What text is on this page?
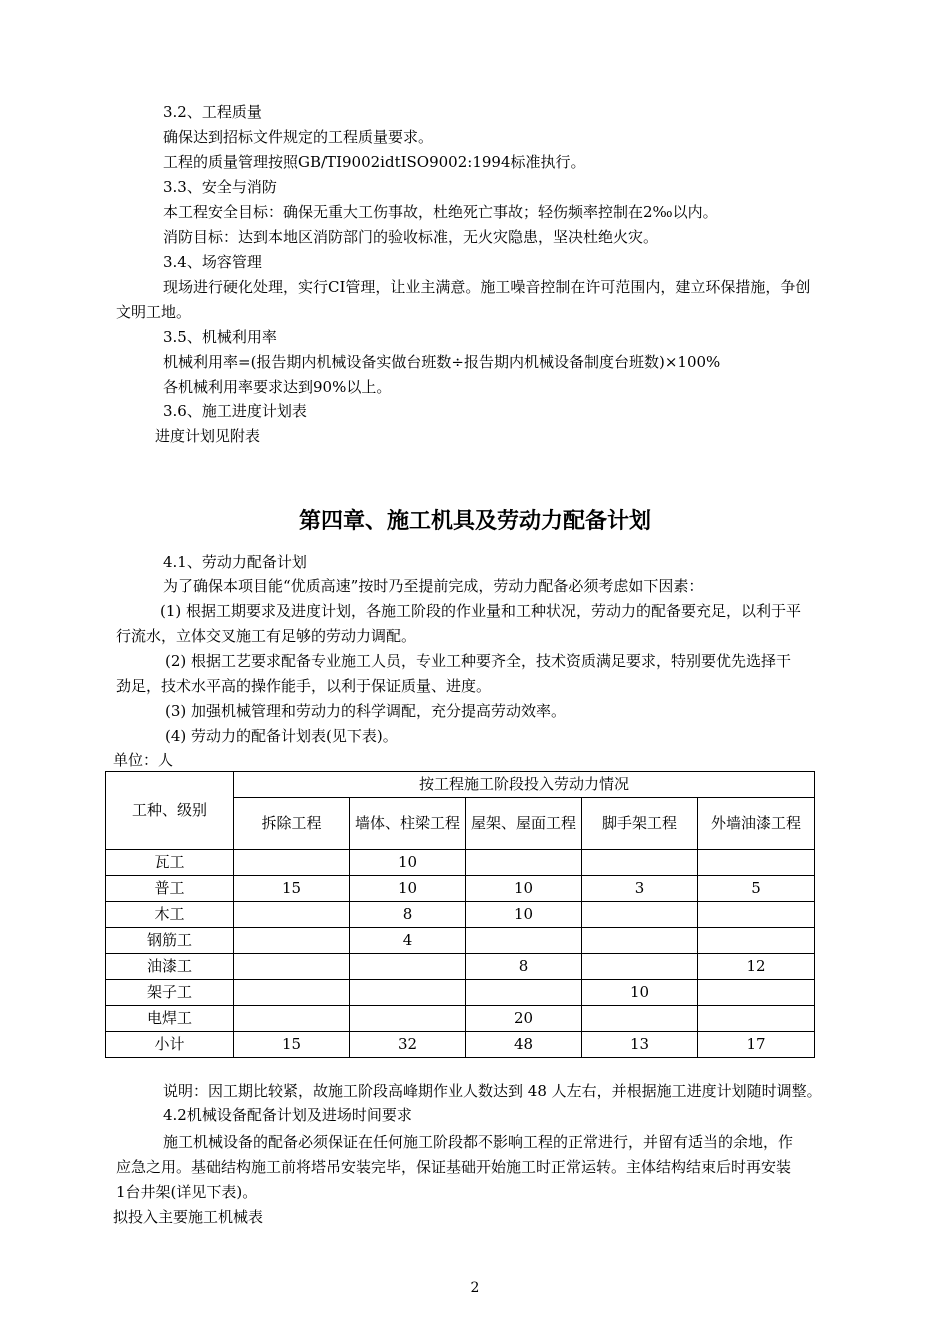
3.2、工程质量
确保达到招标文件规定的工程质量要求。
工程的质量管理按照GB/TI9002idtISO9002:1994标准执行。
3.3、安全与消防
本工程安全目标：确保无重大工伤事故，杜绝死亡事故；轻伤频率控制在2‰以内。
消防目标：达到本地区消防部门的验收标准，无火灾隐患，坚决杜绝火灾。
3.4、场容管理
现场进行硬化处理，实行CI管理，让业主满意。施工噪音控制在许可范围内，建立环保措施，争创
文明工地。
3.5、机械利用率
机械利用率=(报告期内机械设备实做台班数÷报告期内机械设备制度台班数)×100%
各机械利用率要求达到90%以上。
3.6、施工进度计划表
进度计划见附表
第四章、施工机具及劳动力配备计划
4.1、劳动力配备计划
为了确保本项目能“优质高速”按时乃至提前完成，劳动力配备必须考虑如下因素：
(1) 根据工期要求及进度计划，各施工阶段的作业量和工种状况，劳动力的配备要充足，以利于平
行流水，立体交叉施工有足够的劳动力调配。
(2) 根据工艺要求配备专业施工人员，专业工种要齐全，技术资质满足要求，特别要优先选择干
劲足，技术水平高的操作能手，以利于保证质量、进度。
(3) 加强机械管理和劳动力的科学调配，充分提高劳动效率。
(4) 劳动力的配备计划表(见下表)。
单位：人
工种、级别	按工程施工阶段投入劳动力情况				
	拆除工程	墙体、柱梁工程	屋架、屋面工程	脚手架工程	外墙油漆工程
瓦工		10			
普工	15	10	10	3	5
木工		8	10		
钢筋工		4			
油漆工			8		12
架子工				10	
电焊工			20		
小计	15	32	48	13	17
说明：因工期比较紧，故施工阶段高峰期作业人数达到 48 人左右，并根据施工进度计划随时调整。
4.2机械设备配备计划及进场时间要求
施工机械设备的配备必须保证在任何施工阶段都不影响工程的正常进行，并留有适当的余地，作
应急之用。基础结构施工前将塔吊安装完毕，保证基础开始施工时正常运转。主体结构结束后时再安装
1台井架(详见下表)。
拟投入主要施工机械表
2
